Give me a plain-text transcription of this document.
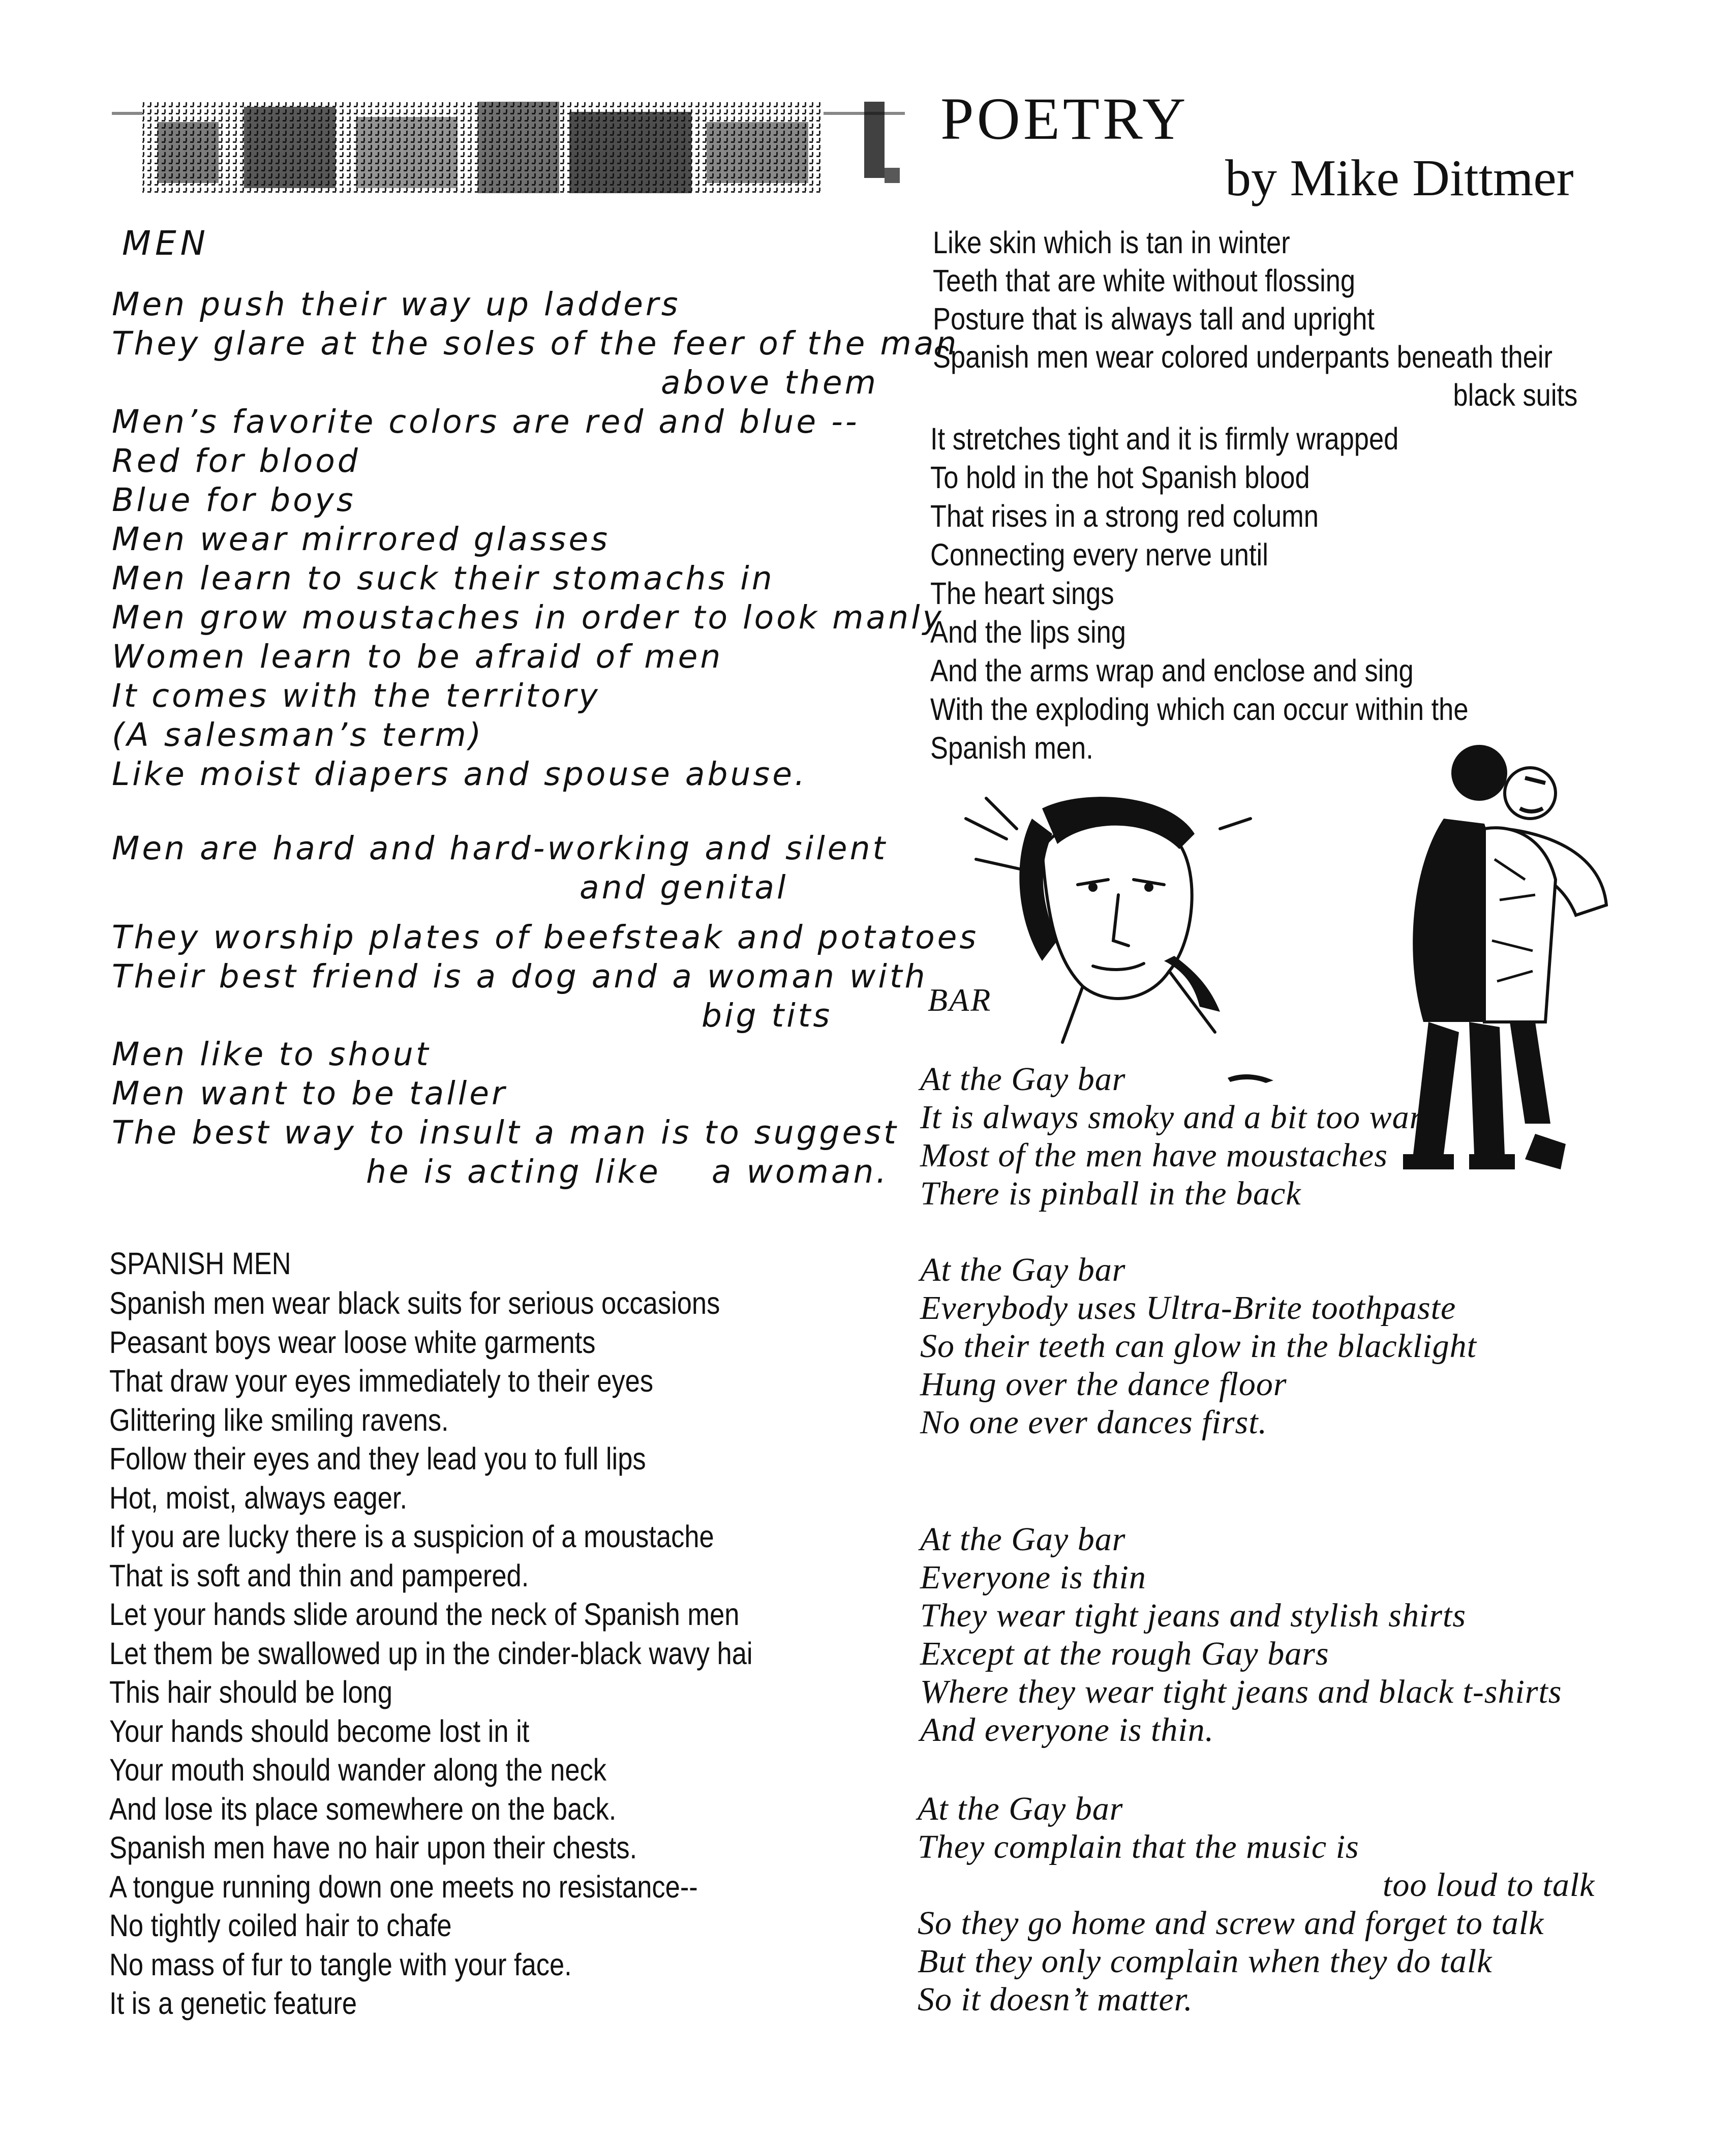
POETRY
by Mike Dittmer
MEN
Men push their way up ladders
They glare at the soles of the feer of the man
above them
Men’s favorite colors are red and blue --
Red for blood
Blue for boys
Men wear mirrored glasses
Men learn to suck their stomachs in
Men grow moustaches in order to look manly
Women learn to be afraid of men
It comes with the territory
(A salesman’s term)
Like moist diapers and spouse abuse.
Men are hard and hard-working and silent
and genital
They worship plates of beefsteak and potatoes
Their best friend is a dog and a woman with
big tits
Men like to shout
Men want to be taller
The best way to insult a man is to suggest
he is acting like    a woman.
SPANISH MEN
Spanish men wear black suits for serious occasions
Peasant boys wear loose white garments
That draw your eyes immediately to their eyes
Glittering like smiling ravens.
Follow their eyes and they lead you to full lips
Hot, moist, always eager.
If you are lucky there is a suspicion of a moustache
That is soft and thin and pampered.
Let your hands slide around the neck of Spanish men
Let them be swallowed up in the cinder-black wavy hai
This hair should be long
Your hands should become lost in it
Your mouth should wander along the neck
And lose its place somewhere on the back.
Spanish men have no hair upon their chests.
A tongue running down one meets no resistance--
No tightly coiled hair to chafe
No mass of fur to tangle with your face.
It is a genetic feature
Like skin which is tan in winter
Teeth that are white without flossing
Posture that is always tall and upright
Spanish men wear colored underpants beneath their
black suits
It stretches tight and it is firmly wrapped
To hold in the hot Spanish blood
That rises in a strong red column
Connecting every nerve until
The heart sings
And the lips sing
And the arms wrap and enclose and sing
With the exploding which can occur within the
Spanish men.
BAR
At the Gay bar
It is always smoky and a bit too warm
Most of the men have moustaches
There is pinball in the back
At the Gay bar
Everybody uses Ultra-Brite toothpaste
So their teeth can glow in the blacklight
Hung over the dance floor
No one ever dances first.
At the Gay bar
Everyone is thin
They wear tight jeans and stylish shirts
Except at the rough Gay bars
Where they wear tight jeans and black t-shirts
And everyone is thin.
At the Gay bar
They complain that the music is
too loud to talk
So they go home and screw and forget to talk
But they only complain when they do talk
So it doesn’t matter.
